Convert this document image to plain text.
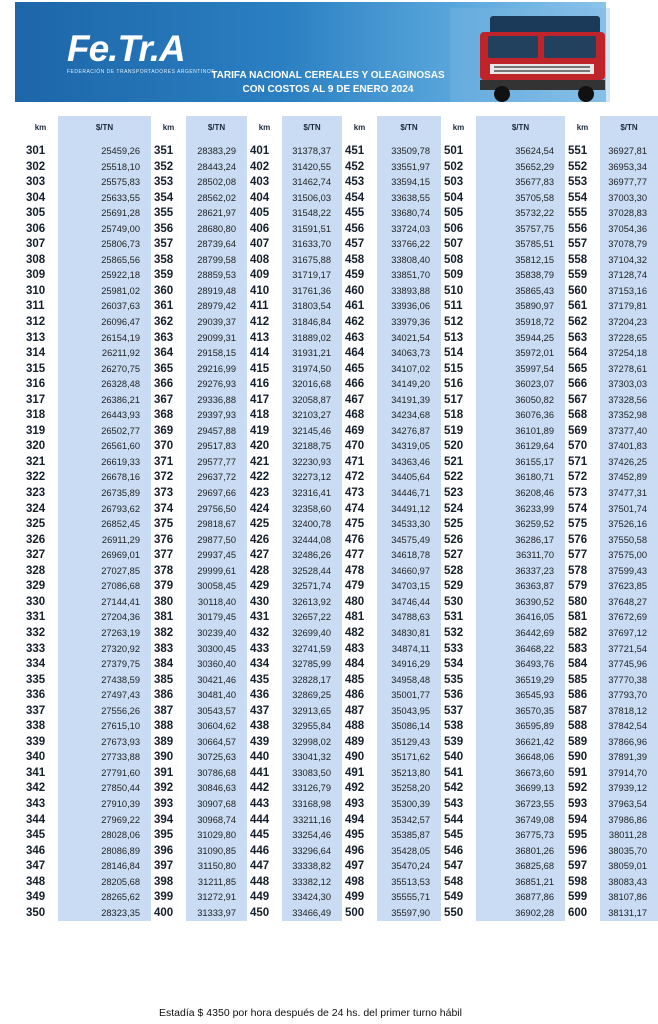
Fe.Tr.A
FEDERACIÓN DE TRANSPORTADORES ARGENTINOS
TARIFA NACIONAL CEREALES Y OLEAGINOSAS
CON COSTOS AL 9 DE ENERO 2024
km	$/TN	km	$/TN	km	$/TN	km	$/TN	km	$/TN	km	$/TN

301	25459,26	351	28383,29	401	31378,37	451	33509,78	501	35624,54	551	36927,81
302	25518,10	352	28443,24	402	31420,55	452	33551,97	502	35652,29	552	36953,34
303	25575,83	353	28502,08	403	31462,74	453	33594,15	503	35677,83	553	36977,77
304	25633,55	354	28562,02	404	31506,03	454	33638,55	504	35705,58	554	37003,30
305	25691,28	355	28621,97	405	31548,22	455	33680,74	505	35732,22	555	37028,83
306	25749,00	356	28680,80	406	31591,51	456	33724,03	506	35757,75	556	37054,36
307	25806,73	357	28739,64	407	31633,70	457	33766,22	507	35785,51	557	37078,79
308	25865,56	358	28799,58	408	31675,88	458	33808,40	508	35812,15	558	37104,32
309	25922,18	359	28859,53	409	31719,17	459	33851,70	509	35838,79	559	37128,74
310	25981,02	360	28919,48	410	31761,36	460	33893,88	510	35865,43	560	37153,16
311	26037,63	361	28979,42	411	31803,54	461	33936,06	511	35890,97	561	37179,81
312	26096,47	362	29039,37	412	31846,84	462	33979,36	512	35918,72	562	37204,23
313	26154,19	363	29099,31	413	31889,02	463	34021,54	513	35944,25	563	37228,65
314	26211,92	364	29158,15	414	31931,21	464	34063,73	514	35972,01	564	37254,18
315	26270,75	365	29216,99	415	31974,50	465	34107,02	515	35997,54	565	37278,61
316	26328,48	366	29276,93	416	32016,68	466	34149,20	516	36023,07	566	37303,03
317	26386,21	367	29336,88	417	32058,87	467	34191,39	517	36050,82	567	37328,56
318	26443,93	368	29397,93	418	32103,27	468	34234,68	518	36076,36	568	37352,98
319	26502,77	369	29457,88	419	32145,46	469	34276,87	519	36101,89	569	37377,40
320	26561,60	370	29517,83	420	32188,75	470	34319,05	520	36129,64	570	37401,83
321	26619,33	371	29577,77	421	32230,93	471	34363,46	521	36155,17	571	37426,25
322	26678,16	372	29637,72	422	32273,12	472	34405,64	522	36180,71	572	37452,89
323	26735,89	373	29697,66	423	32316,41	473	34446,71	523	36208,46	573	37477,31
324	26793,62	374	29756,50	424	32358,60	474	34491,12	524	36233,99	574	37501,74
325	26852,45	375	29818,67	425	32400,78	475	34533,30	525	36259,52	575	37526,16
326	26911,29	376	29877,50	426	32444,08	476	34575,49	526	36286,17	576	37550,58
327	26969,01	377	29937,45	427	32486,26	477	34618,78	527	36311,70	577	37575,00
328	27027,85	378	29999,61	428	32528,44	478	34660,97	528	36337,23	578	37599,43
329	27086,68	379	30058,45	429	32571,74	479	34703,15	529	36363,87	579	37623,85
330	27144,41	380	30118,40	430	32613,92	480	34746,44	530	36390,52	580	37648,27
331	27204,36	381	30179,45	431	32657,22	481	34788,63	531	36416,05	581	37672,69
332	27263,19	382	30239,40	432	32699,40	482	34830,81	532	36442,69	582	37697,12
333	27320,92	383	30300,45	433	32741,59	483	34874,11	533	36468,22	583	37721,54
334	27379,75	384	30360,40	434	32785,99	484	34916,29	534	36493,76	584	37745,96
335	27438,59	385	30421,46	435	32828,17	485	34958,48	535	36519,29	585	37770,38
336	27497,43	386	30481,40	436	32869,25	486	35001,77	536	36545,93	586	37793,70
337	27556,26	387	30543,57	437	32913,65	487	35043,95	537	36570,35	587	37818,12
338	27615,10	388	30604,62	438	32955,84	488	35086,14	538	36595,89	588	37842,54
339	27673,93	389	30664,57	439	32998,02	489	35129,43	539	36621,42	589	37866,96
340	27733,88	390	30725,63	440	33041,32	490	35171,62	540	36648,06	590	37891,39
341	27791,60	391	30786,68	441	33083,50	491	35213,80	541	36673,60	591	37914,70
342	27850,44	392	30846,63	442	33126,79	492	35258,20	542	36699,13	592	37939,12
343	27910,39	393	30907,68	443	33168,98	493	35300,39	543	36723,55	593	37963,54
344	27969,22	394	30968,74	444	33211,16	494	35342,57	544	36749,08	594	37986,86
345	28028,06	395	31029,80	445	33254,46	495	35385,87	545	36775,73	595	38011,28
346	28086,89	396	31090,85	446	33296,64	496	35428,05	546	36801,26	596	38035,70
347	28146,84	397	31150,80	447	33338,82	497	35470,24	547	36825,68	597	38059,01
348	28205,68	398	31211,85	448	33382,12	498	35513,53	548	36851,21	598	38083,43
349	28265,62	399	31272,91	449	33424,30	499	35555,71	549	36877,86	599	38107,86
350	28323,35	400	31333,97	450	33466,49	500	35597,90	550	36902,28	600	38131,17
Estadía $ 4350 por hora después de 24 hs. del primer turno hábil
